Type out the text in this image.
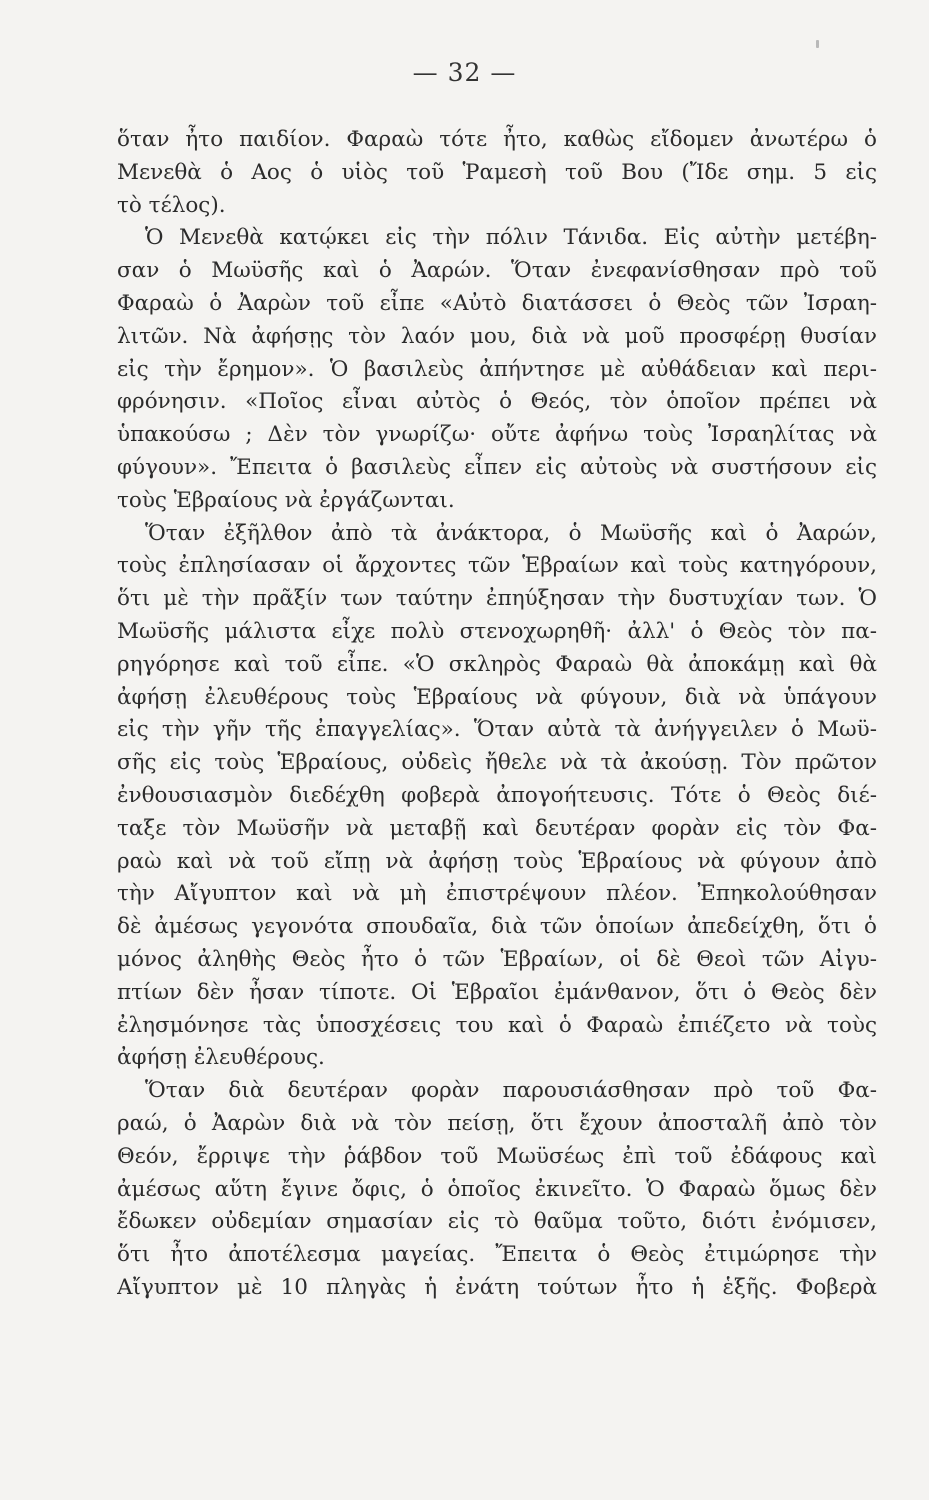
— 32 —
ὅταν ἦτο παιδίον. Φαραὼ τότε ἦτο, καθὼς εἴδομεν ἀνωτέρω ὁ
Μενεθὰ ὁ Αος ὁ υἱὸς τοῦ Ῥαμεσὴ τοῦ Βου (Ἴδε σημ. 5 εἰς
τὸ τέλος).
Ὁ Μενεθὰ κατῴκει εἰς τὴν πόλιν Τάνιδα. Εἰς αὐτὴν μετέβη-
σαν ὁ Μωϋσῆς καὶ ὁ Ἀαρών. Ὅταν ἐνεφανίσθησαν πρὸ τοῦ
Φαραὼ ὁ Ἀαρὼν τοῦ εἶπε «Αὐτὸ διατάσσει ὁ Θεὸς τῶν Ἰσραη-
λιτῶν. Νὰ ἀφήσῃς τὸν λαόν μου, διὰ νὰ μοῦ προσφέρῃ θυσίαν
εἰς τὴν ἔρημον». Ὁ βασιλεὺς ἀπήντησε μὲ αὐθάδειαν καὶ περι-
φρόνησιν. «Ποῖος εἶναι αὐτὸς ὁ Θεός, τὸν ὁποῖον πρέπει νὰ
ὑπακούσω ; Δὲν τὸν γνωρίζω· οὔτε ἀφήνω τοὺς Ἰσραηλίτας νὰ
φύγουν». Ἔπειτα ὁ βασιλεὺς εἶπεν εἰς αὐτοὺς νὰ συστήσουν εἰς
τοὺς Ἑβραίους νὰ ἐργάζωνται.
Ὅταν ἐξῆλθον ἀπὸ τὰ ἀνάκτορα, ὁ Μωϋσῆς καὶ ὁ Ἀαρών,
τοὺς ἐπλησίασαν οἱ ἄρχοντες τῶν Ἑβραίων καὶ τοὺς κατηγόρουν,
ὅτι μὲ τὴν πρᾶξίν των ταύτην ἐπηύξησαν τὴν δυστυχίαν των. Ὁ
Μωϋσῆς μάλιστα εἶχε πολὺ στενοχωρηθῆ· ἀλλ' ὁ Θεὸς τὸν πα-
ρηγόρησε καὶ τοῦ εἶπε. «Ὁ σκληρὸς Φαραὼ θὰ ἀποκάμῃ καὶ θὰ
ἀφήσῃ ἐλευθέρους τοὺς Ἑβραίους νὰ φύγουν, διὰ νὰ ὑπάγουν
εἰς τὴν γῆν τῆς ἐπαγγελίας». Ὅταν αὐτὰ τὰ ἀνήγγειλεν ὁ Μωϋ-
σῆς εἰς τοὺς Ἑβραίους, οὐδεὶς ἤθελε νὰ τὰ ἀκούσῃ. Τὸν πρῶτον
ἐνθουσιασμὸν διεδέχθη φοβερὰ ἀπογοήτευσις. Τότε ὁ Θεὸς διέ-
ταξε τὸν Μωϋσῆν νὰ μεταβῇ καὶ δευτέραν φορὰν εἰς τὸν Φα-
ραὼ καὶ νὰ τοῦ εἴπῃ νὰ ἀφήσῃ τοὺς Ἑβραίους νὰ φύγουν ἀπὸ
τὴν Αἴγυπτον καὶ νὰ μὴ ἐπιστρέψουν πλέον. Ἐπηκολούθησαν
δὲ ἀμέσως γεγονότα σπουδαῖα, διὰ τῶν ὁποίων ἀπεδείχθη, ὅτι ὁ
μόνος ἀληθὴς Θεὸς ἦτο ὁ τῶν Ἑβραίων, οἱ δὲ Θεοὶ τῶν Αἰγυ-
πτίων δὲν ἦσαν τίποτε. Οἱ Ἑβραῖοι ἐμάνθανον, ὅτι ὁ Θεὸς δὲν
ἐλησμόνησε τὰς ὑποσχέσεις του καὶ ὁ Φαραὼ ἐπιέζετο νὰ τοὺς
ἀφήσῃ ἐλευθέρους.
Ὅταν διὰ δευτέραν φορὰν παρουσιάσθησαν πρὸ τοῦ Φα-
ραώ, ὁ Ἀαρὼν διὰ νὰ τὸν πείσῃ, ὅτι ἔχουν ἀποσταλῆ ἀπὸ τὸν
Θεόν, ἔρριψε τὴν ῥάβδον τοῦ Μωϋσέως ἐπὶ τοῦ ἐδάφους καὶ
ἀμέσως αὕτη ἔγινε ὄφις, ὁ ὁποῖος ἐκινεῖτο. Ὁ Φαραὼ ὅμως δὲν
ἔδωκεν οὐδεμίαν σημασίαν εἰς τὸ θαῦμα τοῦτο, διότι ἐνόμισεν,
ὅτι ἦτο ἀποτέλεσμα μαγείας. Ἔπειτα ὁ Θεὸς ἐτιμώρησε τὴν
Αἴγυπτον μὲ 10 πληγὰς ἡ ἐνάτη τούτων ἦτο ἡ ἑξῆς. Φοβερὰ
